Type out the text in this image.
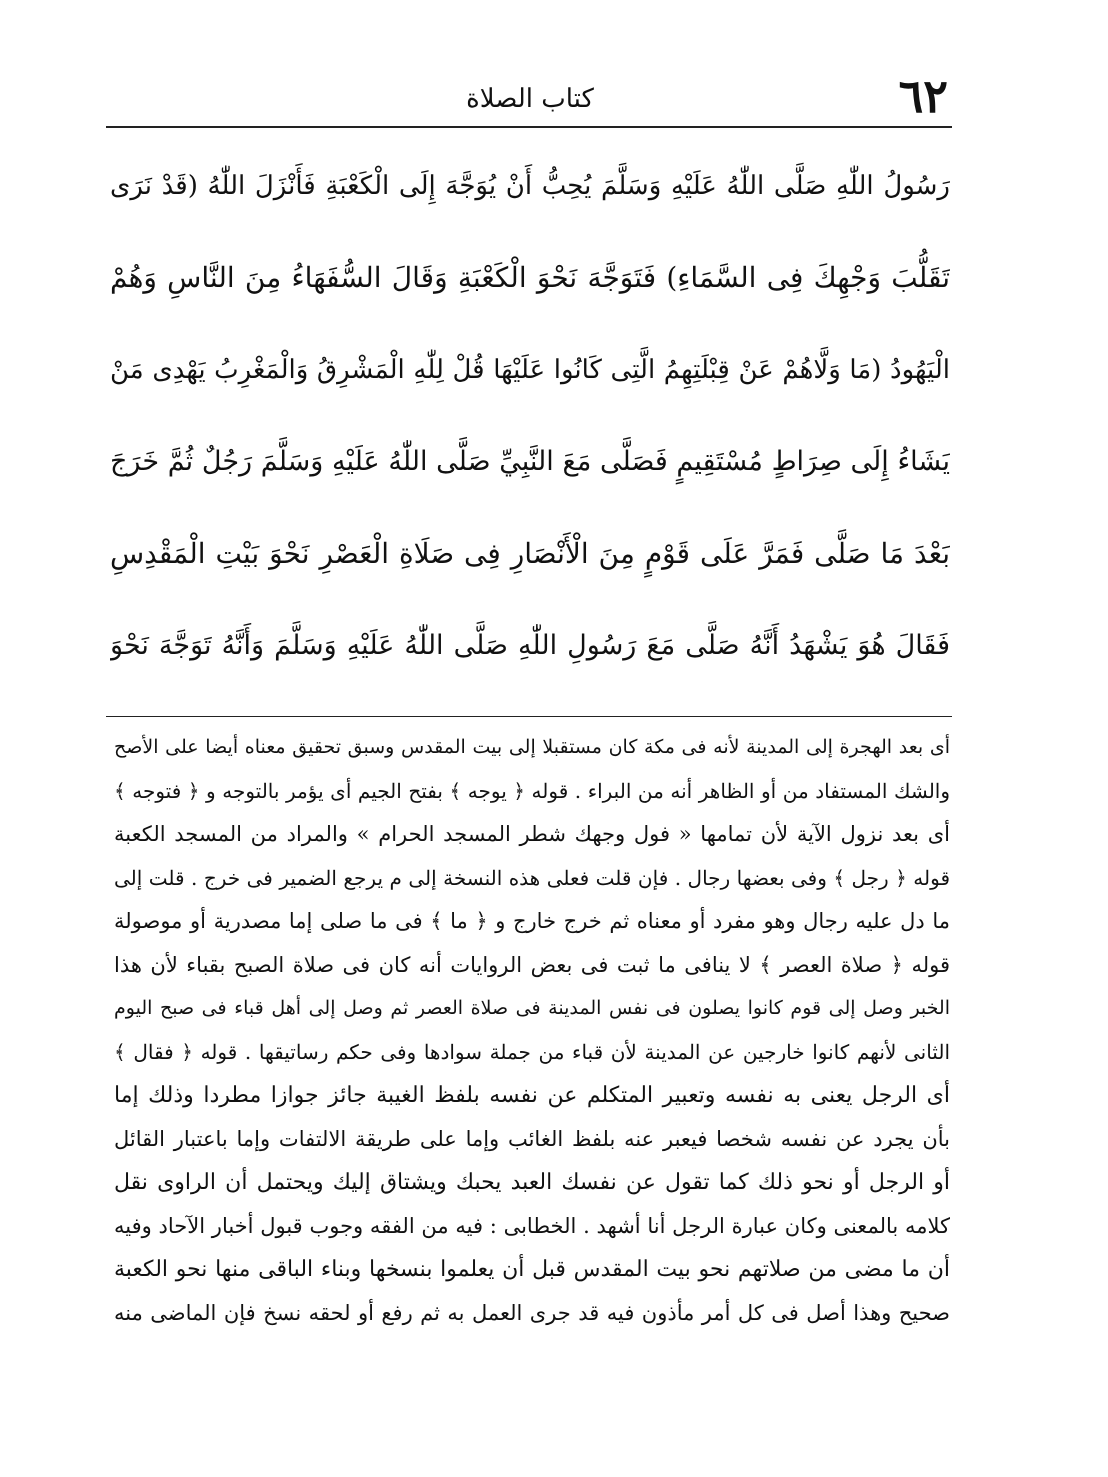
٦٢
كتاب الصلاة
رَسُولُ اللّٰهِ صَلَّى اللّٰهُ عَلَيْهِ وَسَلَّمَ يُحِبُّ أَنْ يُوَجَّهَ إِلَى الْكَعْبَةِ فَأَنْزَلَ اللّٰهُ (قَدْ نَرَى
تَقَلُّبَ وَجْهِكَ فِى السَّمَاءِ) فَتَوَجَّهَ نَحْوَ الْكَعْبَةِ وَقَالَ السُّفَهَاءُ مِنَ النَّاسِ وَهُمْ
الْيَهُودُ (مَا وَلَّاهُمْ عَنْ قِبْلَتِهِمُ الَّتِى كَانُوا عَلَيْهَا قُلْ لِلّٰهِ الْمَشْرِقُ وَالْمَغْرِبُ يَهْدِى مَنْ
يَشَاءُ إِلَى صِرَاطٍ مُسْتَقِيمٍ فَصَلَّى مَعَ النَّبِيِّ صَلَّى اللّٰهُ عَلَيْهِ وَسَلَّمَ رَجُلٌ ثُمَّ خَرَجَ
بَعْدَ مَا صَلَّى فَمَرَّ عَلَى قَوْمٍ مِنَ الْأَنْصَارِ فِى صَلَاةِ الْعَصْرِ نَحْوَ بَيْتِ الْمَقْدِسِ
فَقَالَ هُوَ يَشْهَدُ أَنَّهُ صَلَّى مَعَ رَسُولِ اللّٰهِ صَلَّى اللّٰهُ عَلَيْهِ وَسَلَّمَ وَأَنَّهُ تَوَجَّهَ نَحْوَ
أى بعد الهجرة إلى المدينة لأنه فى مكة كان مستقبلا إلى بيت المقدس وسبق تحقيق معناه أيضا على الأصح
والشك المستفاد من أو الظاهر أنه من البراء . قوله ﴿ يوجه ﴾ بفتح الجيم أى يؤمر بالتوجه و ﴿ فتوجه ﴾
أى بعد نزول الآية لأن تمامها « فول وجهك شطر المسجد الحرام » والمراد من المسجد الكعبة
قوله ﴿ رجل ﴾ وفى بعضها رجال . فإن قلت فعلى هذه النسخة إلى م يرجع الضمير فى خرج . قلت إلى
ما دل عليه رجال وهو مفرد أو معناه ثم خرج خارج و ﴿ ما ﴾ فى ما صلى إما مصدرية أو موصولة
قوله ﴿ صلاة العصر ﴾ لا ينافى ما ثبت فى بعض الروايات أنه كان فى صلاة الصبح بقباء لأن هذا
الخبر وصل إلى قوم كانوا يصلون فى نفس المدينة فى صلاة العصر ثم وصل إلى أهل قباء فى صبح اليوم
الثانى لأنهم كانوا خارجين عن المدينة لأن قباء من جملة سوادها وفى حكم رساتيقها . قوله ﴿ فقال ﴾
أى الرجل يعنى به نفسه وتعبير المتكلم عن نفسه بلفظ الغيبة جائز جوازا مطردا وذلك إما
بأن يجرد عن نفسه شخصا فيعبر عنه بلفظ الغائب وإما على طريقة الالتفات وإما باعتبار القائل
أو الرجل أو نحو ذلك كما تقول عن نفسك العبد يحبك ويشتاق إليك ويحتمل أن الراوى نقل
كلامه بالمعنى وكان عبارة الرجل أنا أشهد . الخطابى : فيه من الفقه وجوب قبول أخبار الآحاد وفيه
أن ما مضى من صلاتهم نحو بيت المقدس قبل أن يعلموا بنسخها وبناء الباقى منها نحو الكعبة
صحيح وهذا أصل فى كل أمر مأذون فيه قد جرى العمل به ثم رفع أو لحقه نسخ فإن الماضى منه
